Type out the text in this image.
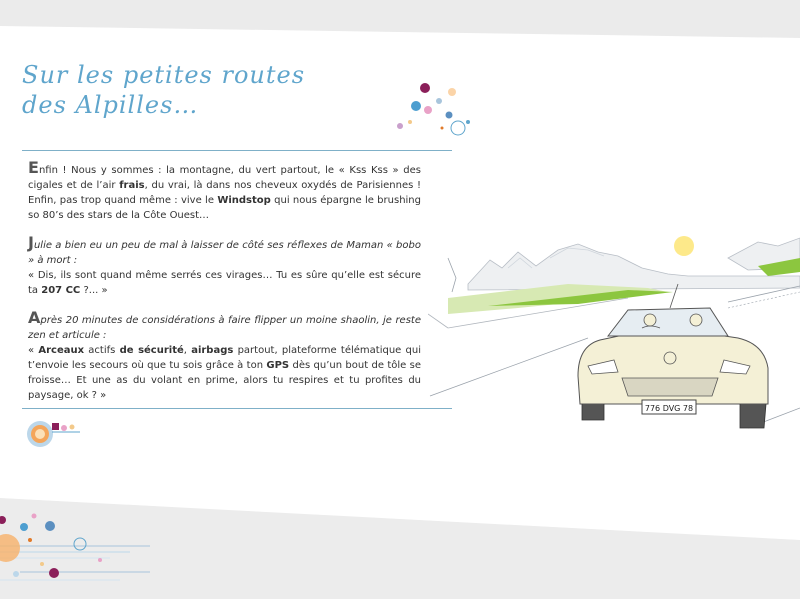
Sur les petites routes
des Alpilles…

Enfin ! Nous y sommes : la montagne, du vert partout, le « Kss Kss » des cigales et de l’air frais, du vrai, là dans nos cheveux oxydés de Parisiennes ! Enfin, pas trop quand même : vive le Windstop qui nous épargne le brushing so 80’s des stars de la Côte Ouest…

Julie a bien eu un peu de mal à laisser de côté ses réflexes de Maman « bobo » à mort :
« Dis, ils sont quand même serrés ces virages… Tu es sûre qu’elle est sécure ta 207 CC ?... »

Après 20 minutes de considérations à faire flipper un moine shaolin, je reste zen et articule :
« Arceaux actifs de sécurité, airbags partout, plateforme télématique qui t’envoie les secours où que tu sois grâce à ton GPS dès qu’un bout de tôle se froisse… Et une as du volant en prime, alors tu respires et tu profites du paysage, ok ? »

776 DVG 78
